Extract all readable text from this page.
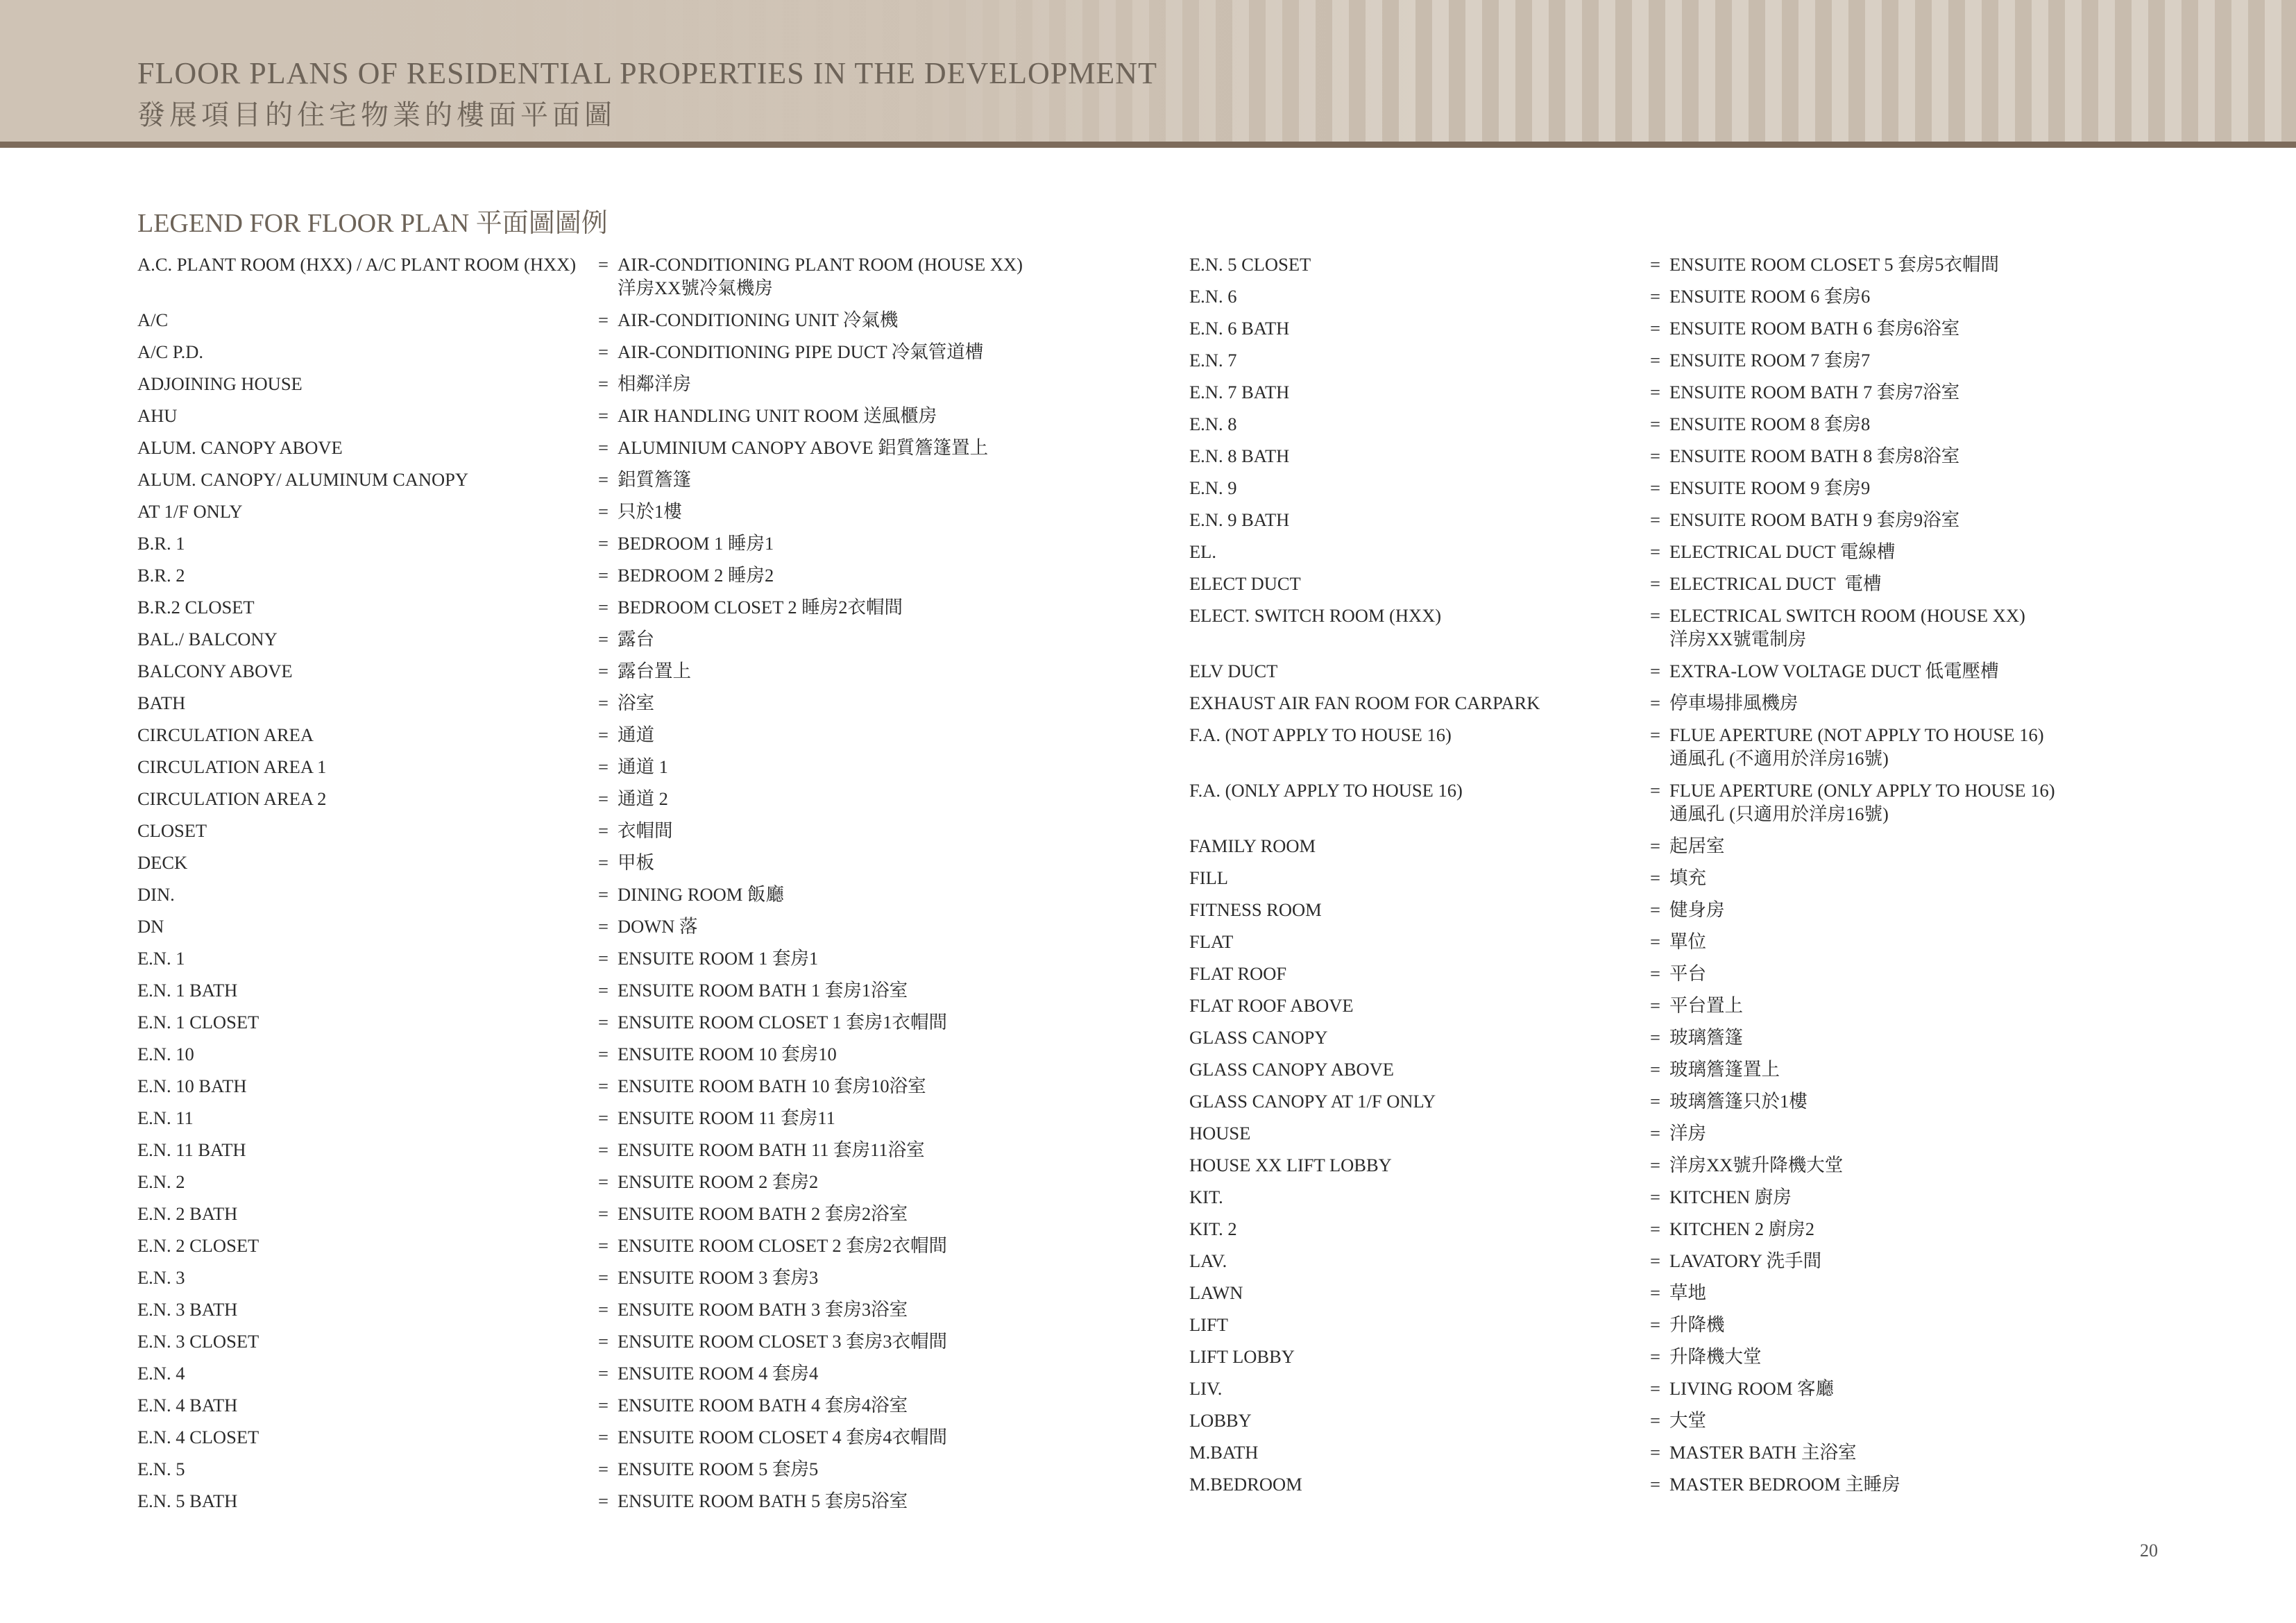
FLOOR PLANS OF RESIDENTIAL PROPERTIES IN THE DEVELOPMENT
發展項目的住宅物業的樓面平面圖
LEGEND FOR FLOOR PLAN 平面圖圖例
A.C. PLANT ROOM (HXX) / A/C PLANT ROOM (HXX)	= AIR-CONDITIONING PLANT ROOM (HOUSE XX)
洋房XX號冷氣機房
A/C	= AIR-CONDITIONING UNIT 冷氣機
A/C P.D.	= AIR-CONDITIONING PIPE DUCT 冷氣管道槽
ADJOINING HOUSE	= 相鄰洋房
AHU	= AIR HANDLING UNIT ROOM 送風櫃房
ALUM. CANOPY ABOVE	= ALUMINIUM CANOPY ABOVE 鋁質簷篷置上
ALUM. CANOPY/ ALUMINUM CANOPY	= 鋁質簷篷
AT 1/F ONLY	= 只於1樓
B.R. 1	= BEDROOM 1 睡房1
B.R. 2	= BEDROOM 2 睡房2
B.R.2 CLOSET	= BEDROOM CLOSET 2 睡房2衣帽間
BAL./ BALCONY	= 露台
BALCONY ABOVE	= 露台置上
BATH	= 浴室
CIRCULATION AREA	= 通道
CIRCULATION AREA 1	= 通道 1
CIRCULATION AREA 2	= 通道 2
CLOSET	= 衣帽間
DECK	= 甲板
DIN.	= DINING ROOM 飯廳
DN	= DOWN 落
E.N. 1	= ENSUITE ROOM 1 套房1
E.N. 1 BATH	= ENSUITE ROOM BATH 1 套房1浴室
E.N. 1 CLOSET	= ENSUITE ROOM CLOSET 1 套房1衣帽間
E.N. 10	= ENSUITE ROOM 10 套房10
E.N. 10 BATH	= ENSUITE ROOM BATH 10 套房10浴室
E.N. 11	= ENSUITE ROOM 11 套房11
E.N. 11 BATH	= ENSUITE ROOM BATH 11 套房11浴室
E.N. 2	= ENSUITE ROOM 2 套房2
E.N. 2 BATH	= ENSUITE ROOM BATH 2 套房2浴室
E.N. 2 CLOSET	= ENSUITE ROOM CLOSET 2 套房2衣帽間
E.N. 3	= ENSUITE ROOM 3 套房3
E.N. 3 BATH	= ENSUITE ROOM BATH 3 套房3浴室
E.N. 3 CLOSET	= ENSUITE ROOM CLOSET 3 套房3衣帽間
E.N. 4	= ENSUITE ROOM 4 套房4
E.N. 4 BATH	= ENSUITE ROOM BATH 4 套房4浴室
E.N. 4 CLOSET	= ENSUITE ROOM CLOSET 4 套房4衣帽間
E.N. 5	= ENSUITE ROOM 5 套房5
E.N. 5 BATH	= ENSUITE ROOM BATH 5 套房5浴室
E.N. 5 CLOSET	= ENSUITE ROOM CLOSET 5 套房5衣帽間
E.N. 6	= ENSUITE ROOM 6 套房6
E.N. 6 BATH	= ENSUITE ROOM BATH 6 套房6浴室
E.N. 7	= ENSUITE ROOM 7 套房7
E.N. 7 BATH	= ENSUITE ROOM BATH 7 套房7浴室
E.N. 8	= ENSUITE ROOM 8 套房8
E.N. 8 BATH	= ENSUITE ROOM BATH 8 套房8浴室
E.N. 9	= ENSUITE ROOM 9 套房9
E.N. 9 BATH	= ENSUITE ROOM BATH 9 套房9浴室
EL.	= ELECTRICAL DUCT 電線槽
ELECT DUCT	= ELECTRICAL DUCT  電槽
ELECT. SWITCH ROOM (HXX)	= ELECTRICAL SWITCH ROOM (HOUSE XX)
洋房XX號電制房
ELV DUCT	= EXTRA-LOW VOLTAGE DUCT 低電壓槽
EXHAUST AIR FAN ROOM FOR CARPARK	= 停車場排風機房
F.A. (NOT APPLY TO HOUSE 16)	= FLUE APERTURE (NOT APPLY TO HOUSE 16)
通風孔 (不適用於洋房16號)
F.A. (ONLY APPLY TO HOUSE 16)	= FLUE APERTURE (ONLY APPLY TO HOUSE 16)
通風孔 (只適用於洋房16號)
FAMILY ROOM	= 起居室
FILL	= 填充
FITNESS ROOM	= 健身房
FLAT	= 單位
FLAT ROOF	= 平台
FLAT ROOF ABOVE	= 平台置上
GLASS CANOPY	= 玻璃簷篷
GLASS CANOPY ABOVE	= 玻璃簷篷置上
GLASS CANOPY AT 1/F ONLY	= 玻璃簷篷只於1樓
HOUSE	= 洋房
HOUSE XX LIFT LOBBY	= 洋房XX號升降機大堂
KIT.	= KITCHEN 廚房
KIT. 2	= KITCHEN 2 廚房2
LAV.	= LAVATORY 洗手間
LAWN	= 草地
LIFT	= 升降機
LIFT LOBBY	= 升降機大堂
LIV.	= LIVING ROOM 客廳
LOBBY	= 大堂
M.BATH	= MASTER BATH 主浴室
M.BEDROOM	= MASTER BEDROOM 主睡房
20
